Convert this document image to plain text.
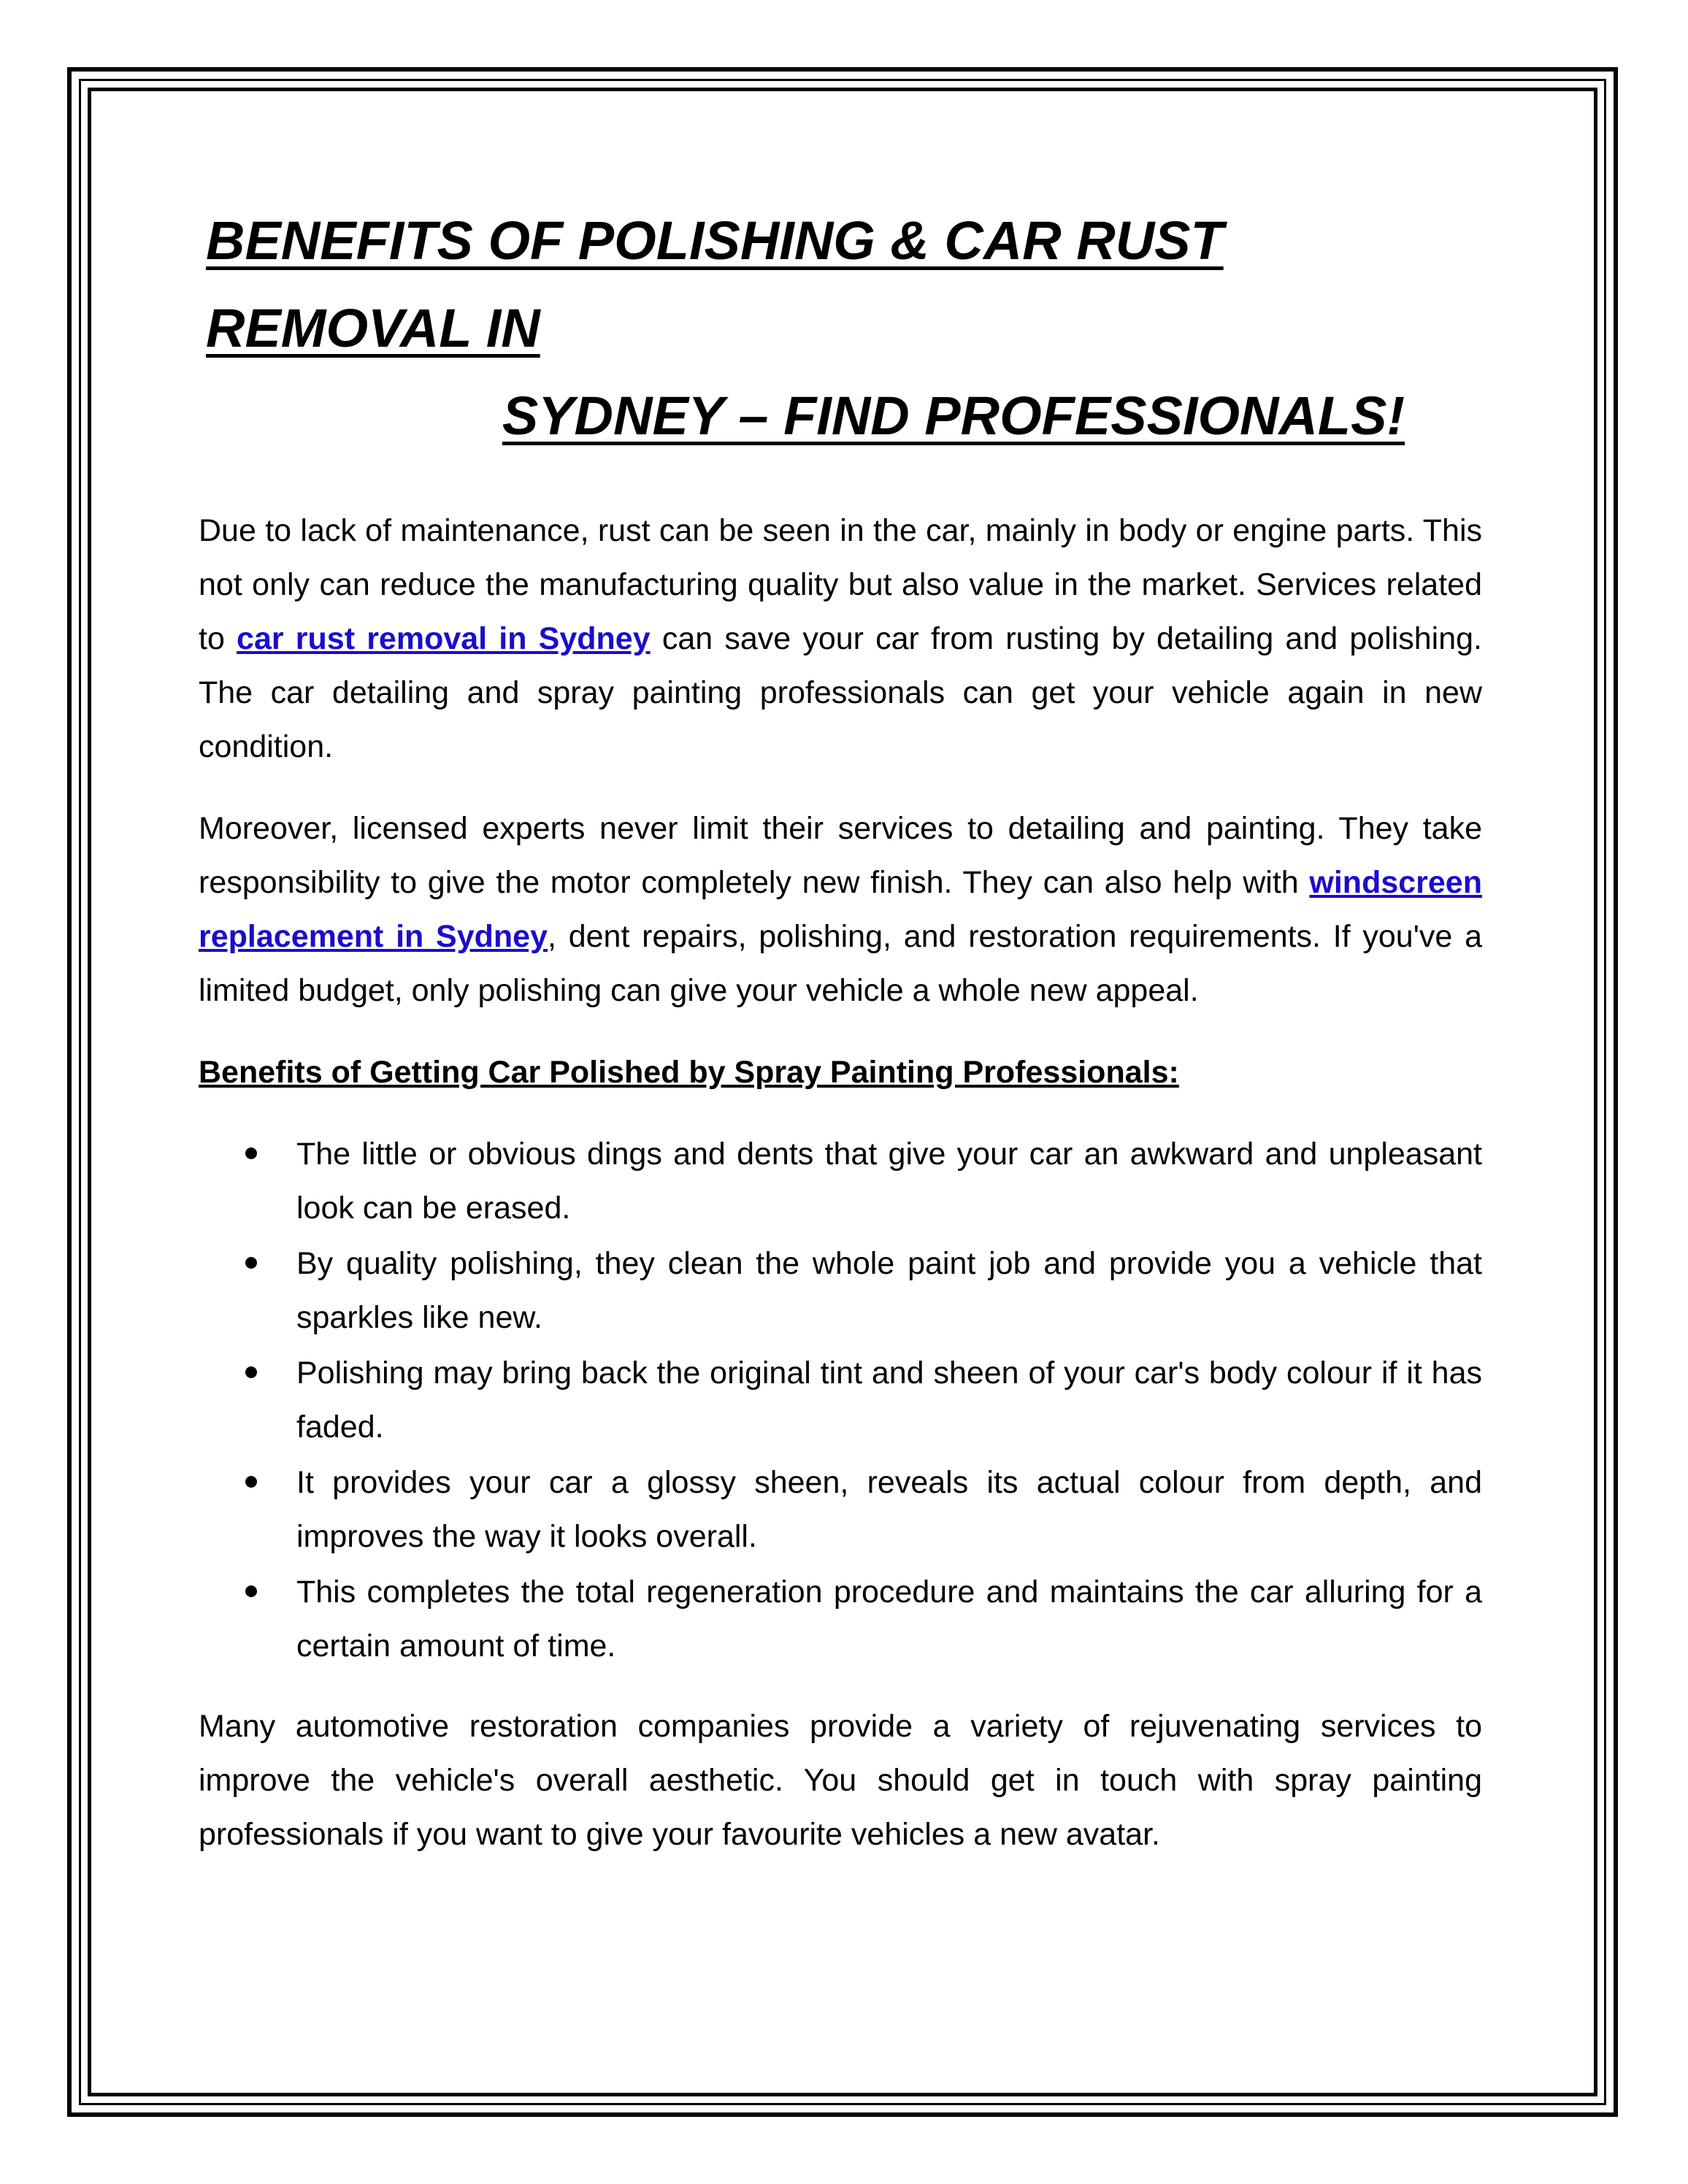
BENEFITS OF POLISHING & CAR RUST REMOVAL IN
SYDNEY – FIND PROFESSIONALS!

Due to lack of maintenance, rust can be seen in the car, mainly in body or engine parts. This not only can reduce the manufacturing quality but also value in the market. Services related to car rust removal in Sydney can save your car from rusting by detailing and polishing. The car detailing and spray painting professionals can get your vehicle again in new condition.

Moreover, licensed experts never limit their services to detailing and painting. They take responsibility to give the motor completely new finish. They can also help with windscreen replacement in Sydney, dent repairs, polishing, and restoration requirements. If you've a limited budget, only polishing can give your vehicle a whole new appeal.

Benefits of Getting Car Polished by Spray Painting Professionals:

The little or obvious dings and dents that give your car an awkward and unpleasant look can be erased.
By quality polishing, they clean the whole paint job and provide you a vehicle that sparkles like new.
Polishing may bring back the original tint and sheen of your car's body colour if it has faded.
It provides your car a glossy sheen, reveals its actual colour from depth, and improves the way it looks overall.
This completes the total regeneration procedure and maintains the car alluring for a certain amount of time.

Many automotive restoration companies provide a variety of rejuvenating services to improve the vehicle's overall aesthetic. You should get in touch with spray painting professionals if you want to give your favourite vehicles a new avatar.
